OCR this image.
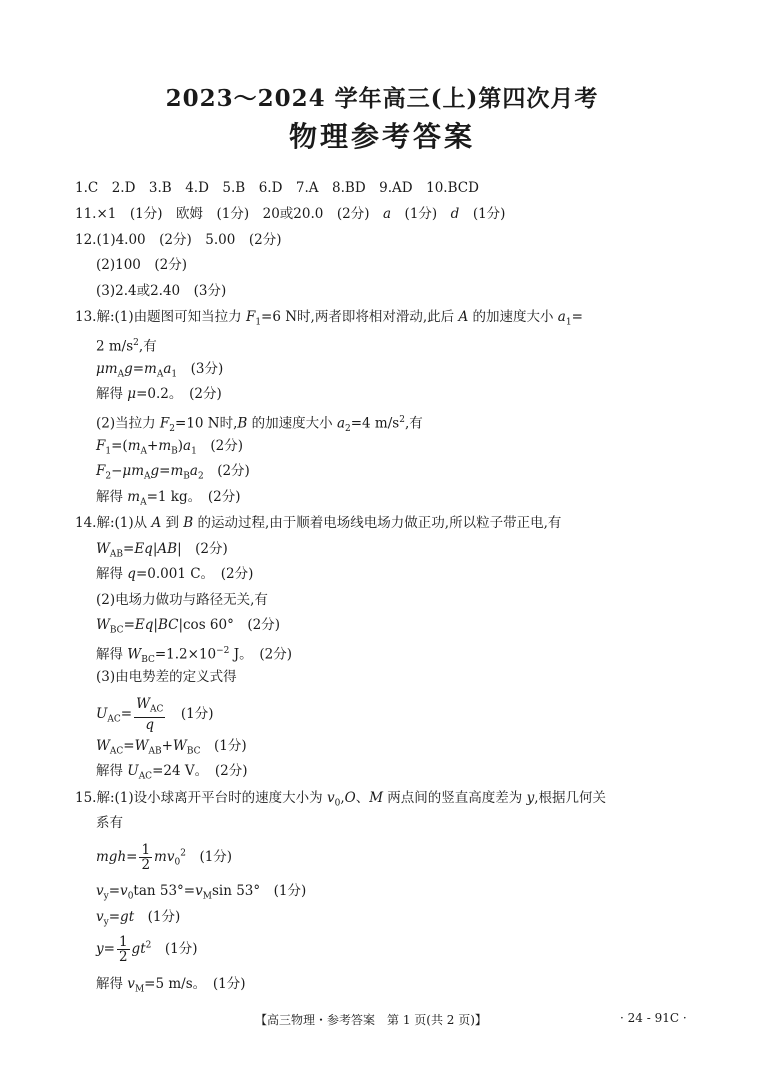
2023～2024 学年高三(上)第四次月考
物理参考答案
1.C　2.D　3.B　4.D　5.B　6.D　7.A　8.BD　9.AD　10.BCD
11.×1　(1分)　欧姆　(1分)　20或20.0　(2分)　a　(1分)　d　(1分)
12.(1)4.00　(2分)　5.00　(2分)
(2)100　(2分)
(3)2.4或2.40　(3分)
13.解:(1)由题图可知当拉力 $F_1=6$ N时,两者即将相对滑动,此后 A 的加速度大小 $a_1=$
2 $m/s^2$,有
$\mu m_Ag=m_Aa_1$　(3分)
解得 μ=0.2。　(2分)
(2)当拉力 $F_2=10$ N时,B 的加速度大小 $a_2=4$ $m/s^2$,有
$F_1=(m_A+m_B)a_1$　(2分)
$F_2-\mu m_Ag=m_Ba_2$　(2分)
解得 $m_A=1$ kg。　(2分)
14.解:(1)从 A 到 B 的运动过程,由于顺着电场线电场力做正功,所以粒子带正电,有
$W_{AB}=Eq|AB|$　(2分)
解得 q=0.001 C。　(2分)
(2)电场力做功与路径无关,有
$W_{BC}=Eq|BC|\cos$ 60°　(2分)
解得 $W_{BC}=1.2\times 10^{-2}$ J。　(2分)
(3)由电势差的定义式得
$U_{AC}= \frac{W_{AC}}{q}$ 　(1分)
$W_{AC}=W_{AB}+W_{BC}$　(1分)
解得 $U_{AC}=24$ V。　(2分)
15.解:(1)设小球离开平台时的速度大小为 $v_0,O$、M 两点间的竖直高度差为 y,根据几何关
系有
$mgh= \frac{1}{2} mv_0^2$　(1分)
$v_y=v_0\tan$ $53^\circ=v_M\sin$ 53°　(1分)
$v_y=gt$　(1分)
$y= \frac{1}{2} gt^2$　(1分)
解得 $v_M=5$ m/s。　(1分)
【高三物理・参考答案　第 1 页(共 2 页)】	· 24 - 91C ·
